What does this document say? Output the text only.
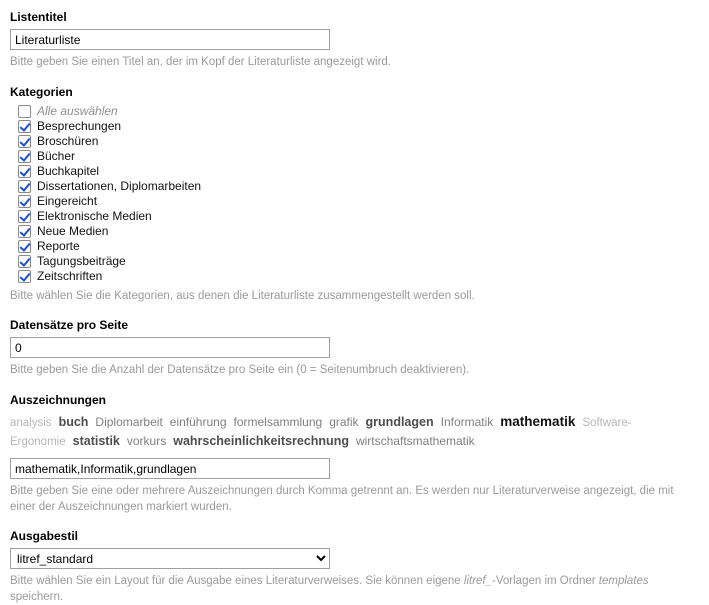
Listentitel
Literaturliste
Bitte geben Sie einen Titel an, der im Kopf der Literaturliste angezeigt wird.
Kategorien
Alle auswählen
Besprechungen
Broschüren
Bücher
Buchkapitel
Dissertationen, Diplomarbeiten
Eingereicht
Elektronische Medien
Neue Medien
Reporte
Tagungsbeiträge
Zeitschriften
Bitte wählen Sie die Kategorien, aus denen die Literaturliste zusammengestellt werden soll.
Datensätze pro Seite
0
Bitte geben Sie die Anzahl der Datensätze pro Seite ein (0 = Seitenumbruch deaktivieren).
Auszeichnungen
analysis buch Diplomarbeit einführung formelsammlung grafik grundlagen Informatik mathematik Software-Ergonomie statistik vorkurs wahrscheinlichkeitsrechnung wirtschaftsmathematik
mathematik,Informatik,grundlagen
Bitte geben Sie eine oder mehrere Auszeichnungen durch Komma getrennt an. Es werden nur Literaturverweise angezeigt, die mit einer der Auszeichnungen markiert wurden.
Ausgabestil
litref_standard
Bitte wählen Sie ein Layout für die Ausgabe eines Literaturverweises. Sie können eigene litref_-Vorlagen im Ordner templates speichern.
